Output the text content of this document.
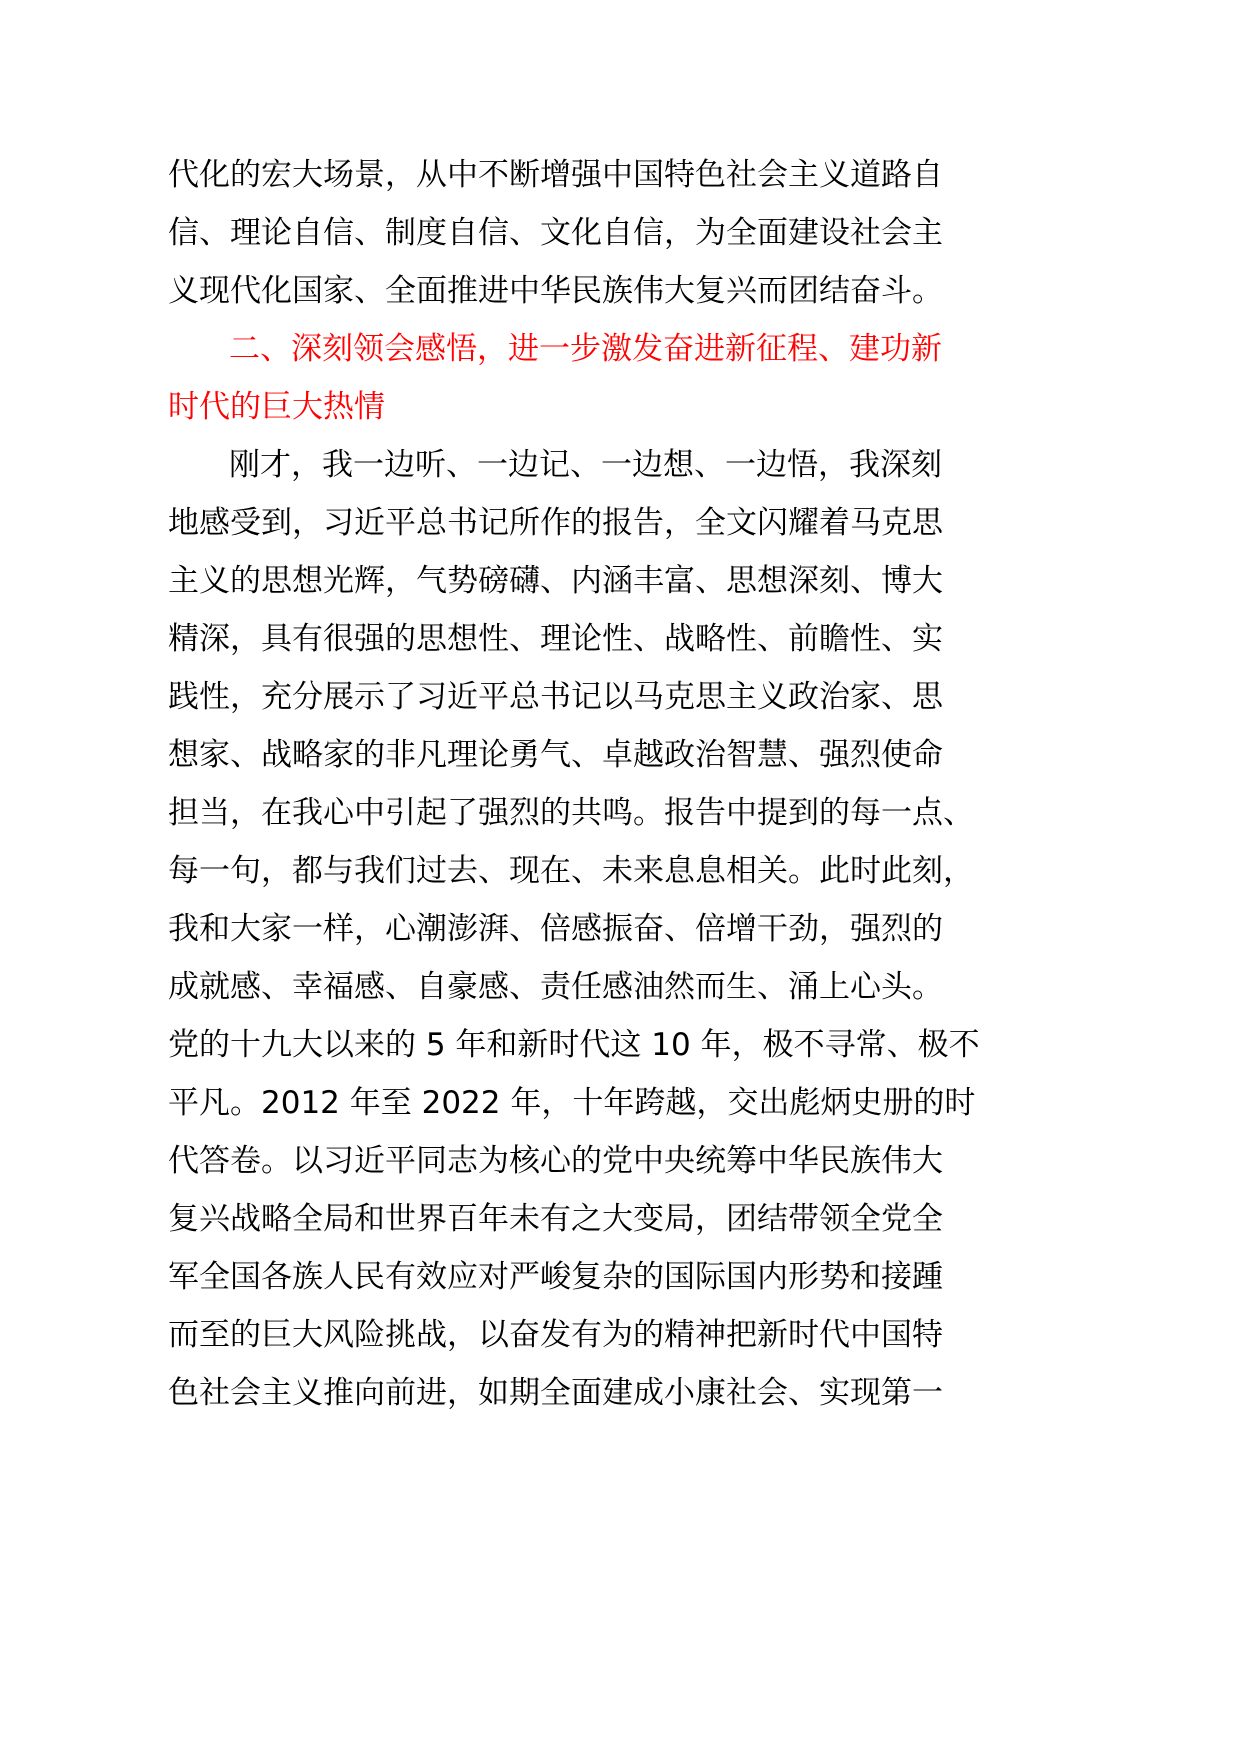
代化的宏大场景，从中不断增强中国特色社会主义道路自
信、理论自信、制度自信、文化自信，为全面建设社会主
义现代化国家、全面推进中华民族伟大复兴而团结奋斗。
二、深刻领会感悟，进一步激发奋进新征程、建功新
时代的巨大热情
刚才，我一边听、一边记、一边想、一边悟，我深刻
地感受到，习近平总书记所作的报告，全文闪耀着马克思
主义的思想光辉，气势磅礴、内涵丰富、思想深刻、博大
精深，具有很强的思想性、理论性、战略性、前瞻性、实
践性，充分展示了习近平总书记以马克思主义政治家、思
想家、战略家的非凡理论勇气、卓越政治智慧、强烈使命
担当，在我心中引起了强烈的共鸣。报告中提到的每一点、
每一句，都与我们过去、现在、未来息息相关。此时此刻，
我和大家一样，心潮澎湃、倍感振奋、倍增干劲，强烈的
成就感、幸福感、自豪感、责任感油然而生、涌上心头。
党的十九大以来的 5 年和新时代这 10 年，极不寻常、极不
平凡。2012 年至 2022 年，十年跨越，交出彪炳史册的时
代答卷。以习近平同志为核心的党中央统筹中华民族伟大
复兴战略全局和世界百年未有之大变局，团结带领全党全
军全国各族人民有效应对严峻复杂的国际国内形势和接踵
而至的巨大风险挑战，以奋发有为的精神把新时代中国特
色社会主义推向前进，如期全面建成小康社会、实现第一
